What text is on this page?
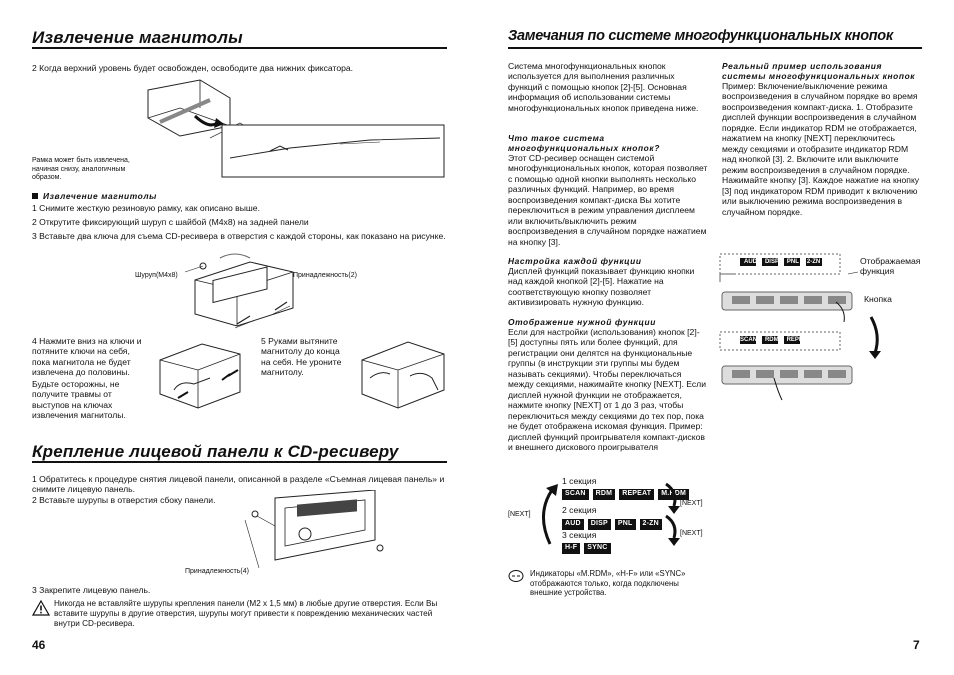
Извлечение магнитолы
2 Когда верхний уровень будет освобожден, освободите два нижних фиксатора.
Рамка может быть извлечена, начиная снизу, аналогичным образом.
Извлечение магнитолы
1 Снимите жесткую резиновую рамку, как описано выше.
2 Открутите фиксирующий шуруп с шайбой (M4x8) на задней панели
3 Вставьте два ключа для съема CD-ресивера в отверстия с каждой стороны, как показано на рисунке.
Шуруп(M4x8)	Принадлежность(2)
4 Нажмите вниз на ключи и потяните ключи на себя, пока магнитола не будет извлечена до половины.
Будьте осторожны, не получите травмы от выступов на ключах извлечения магнитолы.
5 Руками вытяните магнитолу до конца на себя. Не уроните магнитолу.
Крепление лицевой панели к CD-ресиверу
1 Обратитесь к процедуре снятия лицевой панели, описанной в разделе «Съемная лицевая панель» и снимите лицевую панель.
2 Вставьте шурупы в отверстия сбоку панели.
Принадлежность(4)
3 Закрепите лицевую панель.
Никогда не вставляйте шурупы крепления панели (M2 x 1,5 мм) в любые другие отверстия. Если Вы вставите шурупы в другие отверстия, шурупы могут привести к повреждению механических частей внутри CD-ресивера.
46
Замечания по системе многофункциональных кнопок
Система многофункциональных кнопок используется для выполнения различных функций с помощью кнопок [2]-[5]. Основная информация об использовании системы многофункциональных кнопок приведена ниже.
Что такое система многофункциональных кнопок?
Этот CD-ресивер оснащен системой многофункциональных кнопок, которая позволяет с помощью одной кнопки выполнять несколько различных функций. Например, во время воспроизведения компакт-диска Вы хотите переключиться в режим управления дисплеем или включить/выключить режим воспроизведения в случайном порядке нажатием на кнопку [3].
Настройка каждой функции
Дисплей функций показывает функцию кнопки над каждой кнопкой [2]-[5]. Нажатие на соответствующую кнопку позволяет активизировать нужную функцию.
Отображение нужной функции
Если для настройки (использования) кнопок [2]-[5] доступны пять или более функций, для регистрации они делятся на функциональные группы (в инструкции эти группы мы будем называть секциями). Чтобы переключаться между секциями, нажимайте кнопку [NEXT]. Если дисплей нужной функции не отображается, нажмите кнопку [NEXT] от 1 до 3 раз, чтобы переключиться между секциями до тех пор, пока не будет отображена искомая функция. Пример: дисплей функций проигрывателя компакт-дисков и внешнего дискового проигрывателя
1 секция
SCAN RDM REPEAT M.RDM
2 секция
AUD DISP PNL 2-ZN
3 секция
H-F SYNC
[NEXT]
[NEXT]
[NEXT]
Индикаторы «M.RDM», «H-F» или «SYNC» отображаются только, когда подключены внешние устройства.
Реальный пример использования системы многофункциональных кнопок
Пример: Включение/выключение режима воспроизведения в случайном порядке во время воспроизведения компакт-диска. 1. Отобразите дисплей функции воспроизведения в случайном порядке. Если индикатор RDM не отображается, нажатием на кнопку [NEXT] переключитесь между секциями и отобразите индикатор RDM над кнопкой [3]. 2. Включите или выключите режим воспроизведения в случайном порядке. Нажимайте кнопку [3]. Каждое нажатие на кнопку [3] под индикатором RDM приводит к включению или выключению режима воспроизведения в случайном порядке.
AUD DISP PNL 2-ZN	Отображаемая функция
Кнопка
SCAN RDM REPEAT
7
